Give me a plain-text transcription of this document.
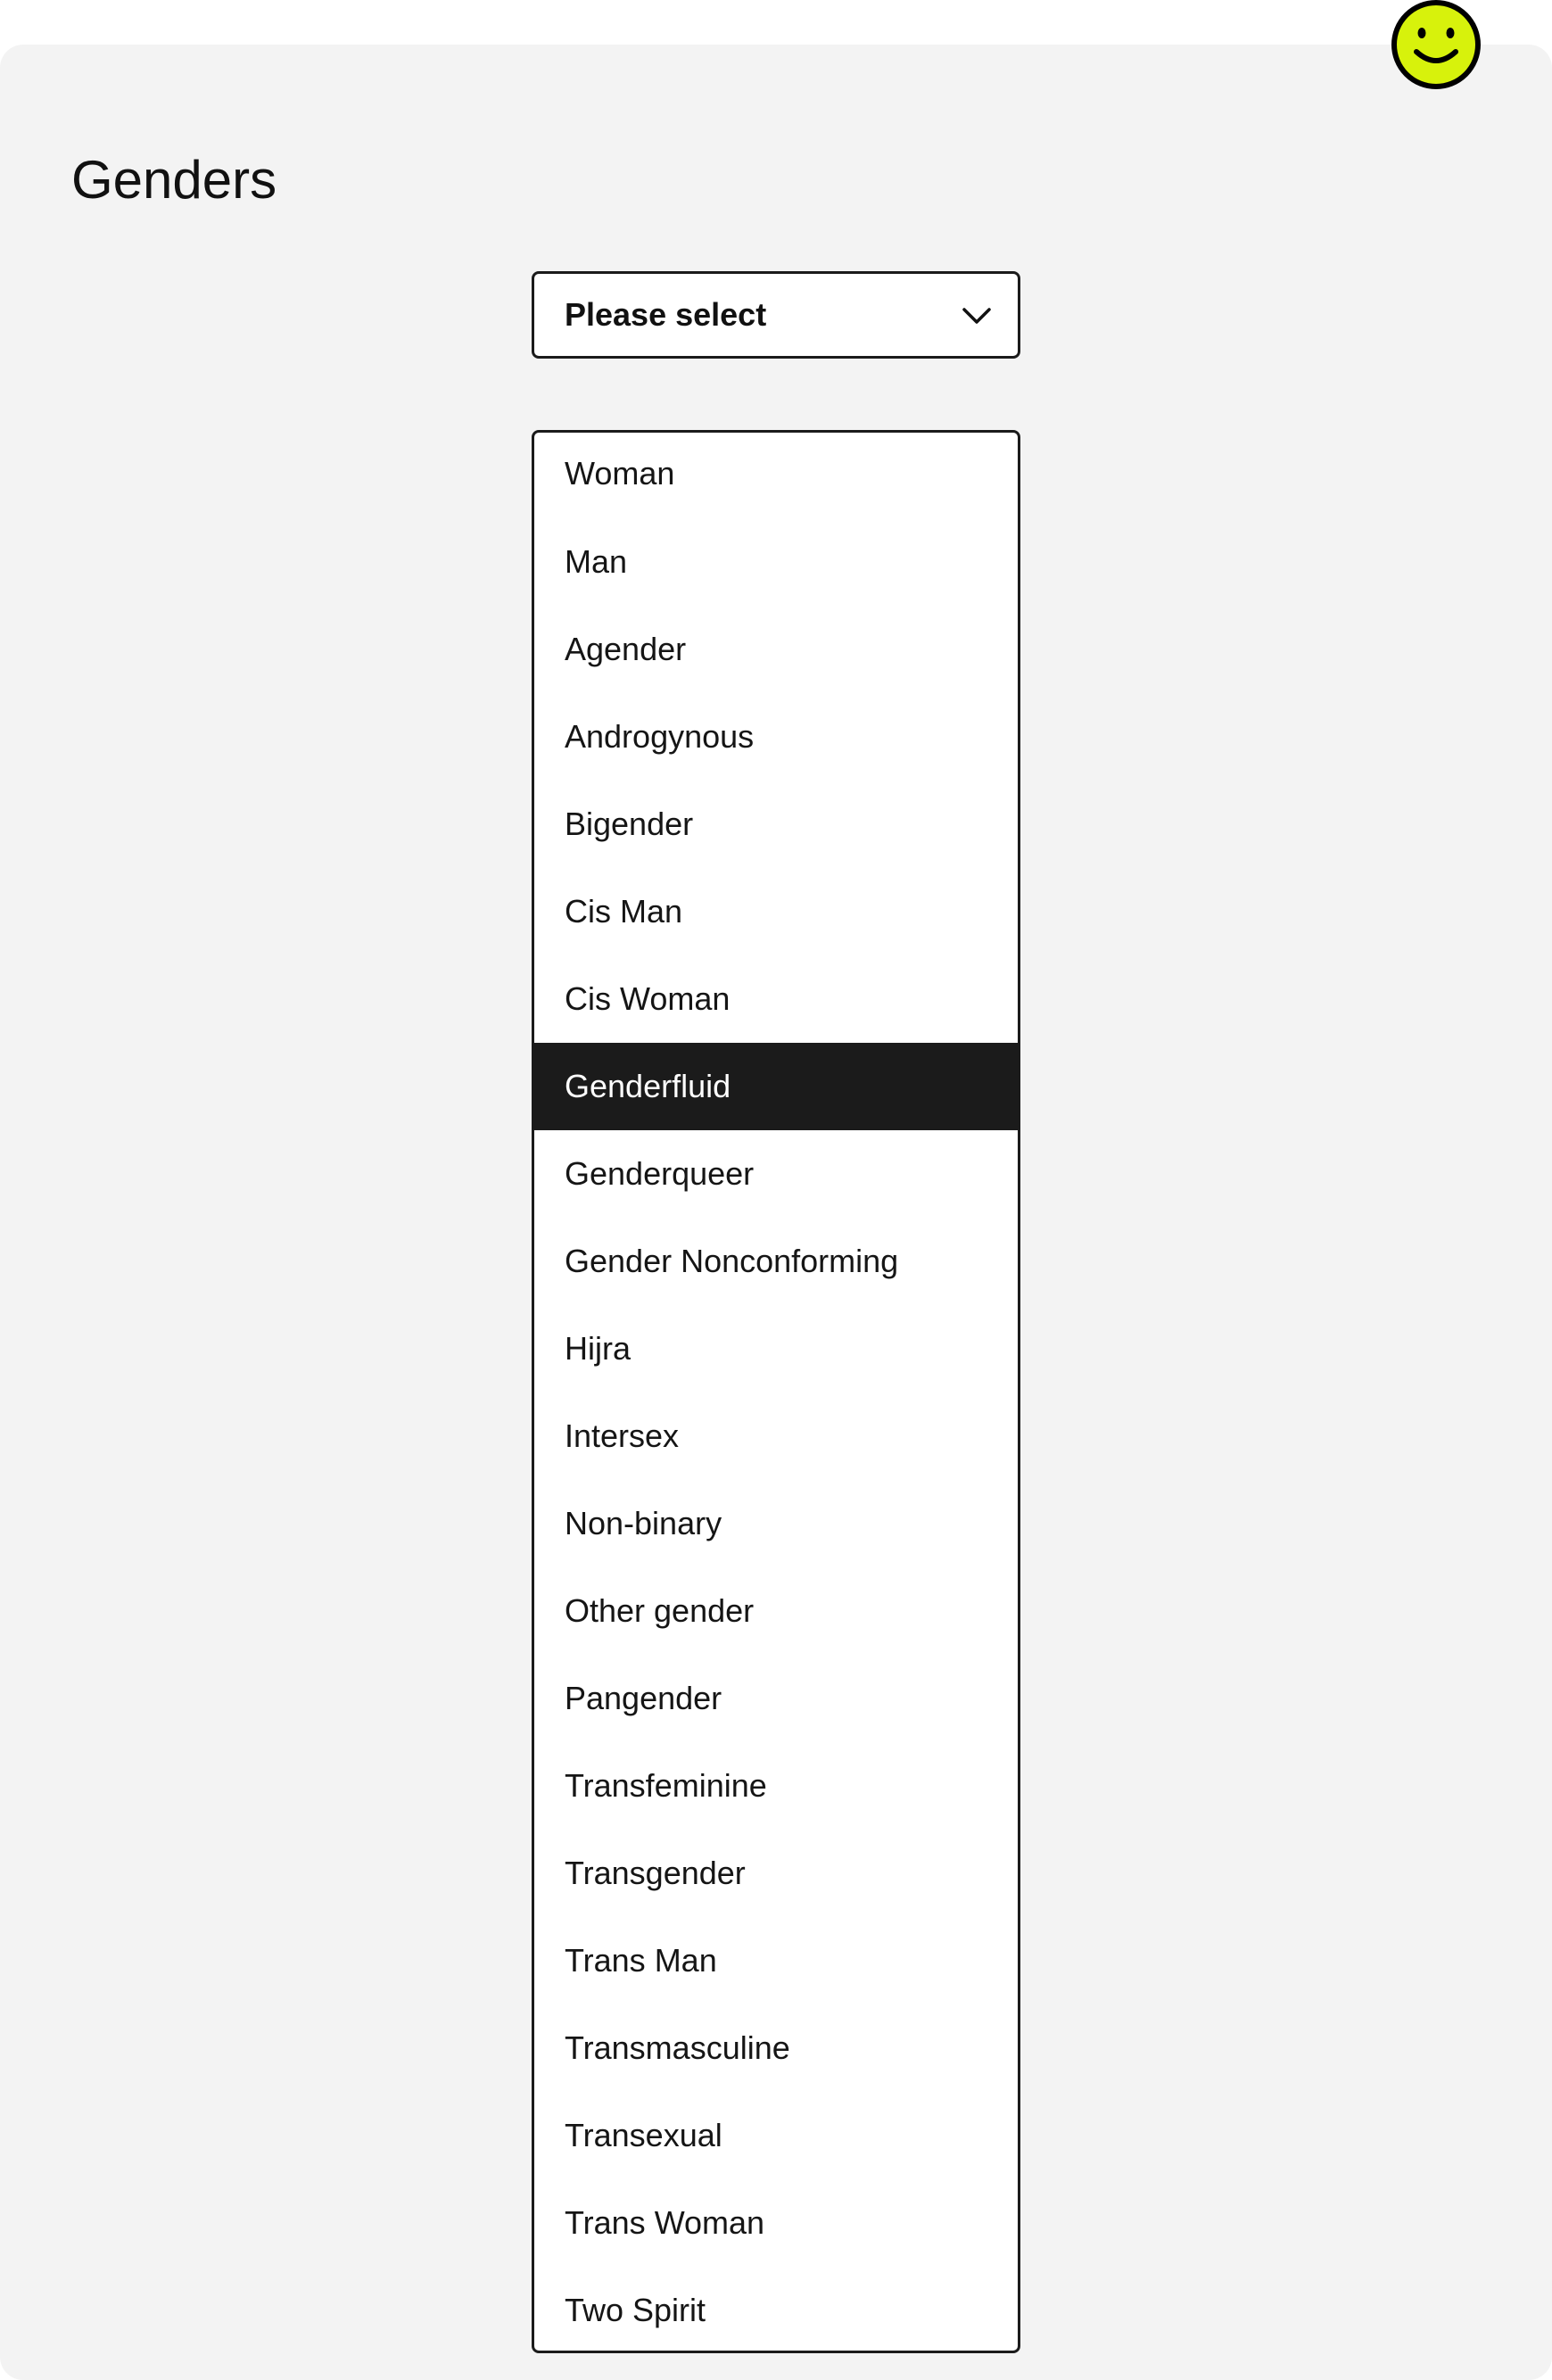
Genders
Please select
Woman
Man
Agender
Androgynous
Bigender
Cis Man
Cis Woman
Genderfluid
Genderqueer
Gender Nonconforming
Hijra
Intersex
Non-binary
Other gender
Pangender
Transfeminine
Transgender
Trans Man
Transmasculine
Transexual
Trans Woman
Two Spirit
